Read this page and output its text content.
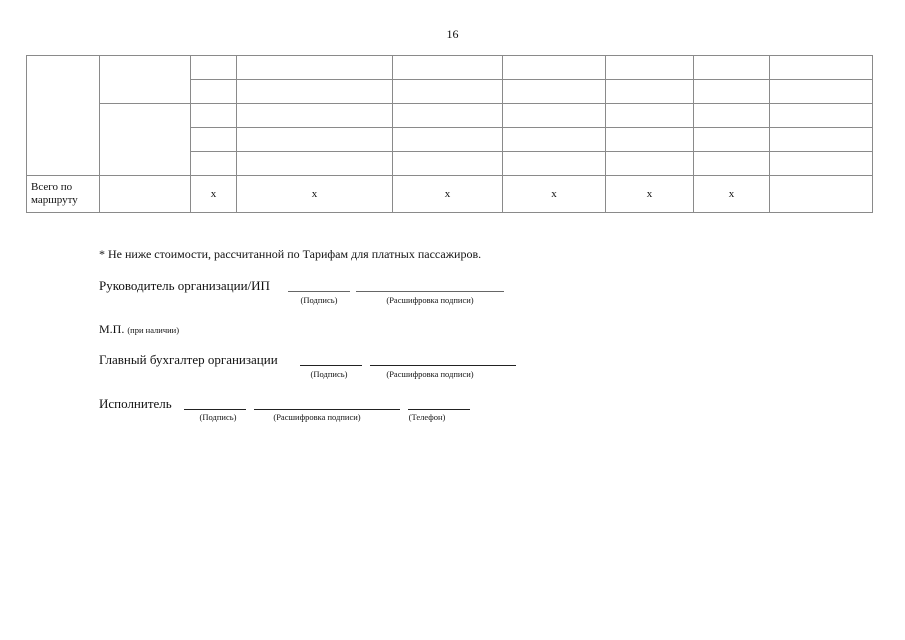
16

Всего по маршруту		х	х	х	х	х	х	
* Не ниже стоимости, рассчитанной по Тарифам для платных пассажиров.
Руководитель организации/ИП
(Подпись)	(Расшифровка подписи)
М.П. (при наличии)
Главный бухгалтер организации
(Подпись)	(Расшифровка подписи)
Исполнитель
(Подпись)	(Расшифровка подписи)	(Телефон)
